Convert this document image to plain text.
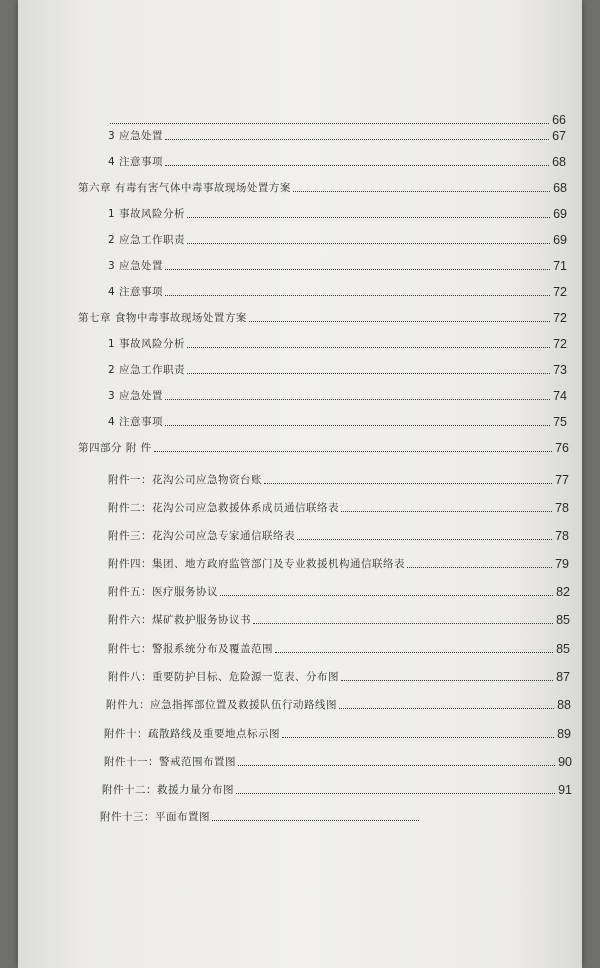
66
3 应急处置	67
4 注意事项	68
第六章 有毒有害气体中毒事故现场处置方案	68
1 事故风险分析	69
2 应急工作职责	69
3 应急处置	71
4 注意事项	72
第七章 食物中毒事故现场处置方案	72
1 事故风险分析	72
2 应急工作职责	73
3 应急处置	74
4 注意事项	75
第四部分 附 件	76
附件一：花沟公司应急物资台账	77
附件二：花沟公司应急救援体系成员通信联络表	78
附件三：花沟公司应急专家通信联络表	78
附件四：集团、地方政府监管部门及专业救援机构通信联络表	79
附件五：医疗服务协议	82
附件六：煤矿救护服务协议书	85
附件七：警报系统分布及覆盖范围	85
附件八：重要防护目标、危险源一览表、分布图	87
附件九：应急指挥部位置及救援队伍行动路线图	88
附件十：疏散路线及重要地点标示图	89
附件十一：警戒范围布置图	90
附件十二：救援力量分布图	91
附件十三：平面布置图
